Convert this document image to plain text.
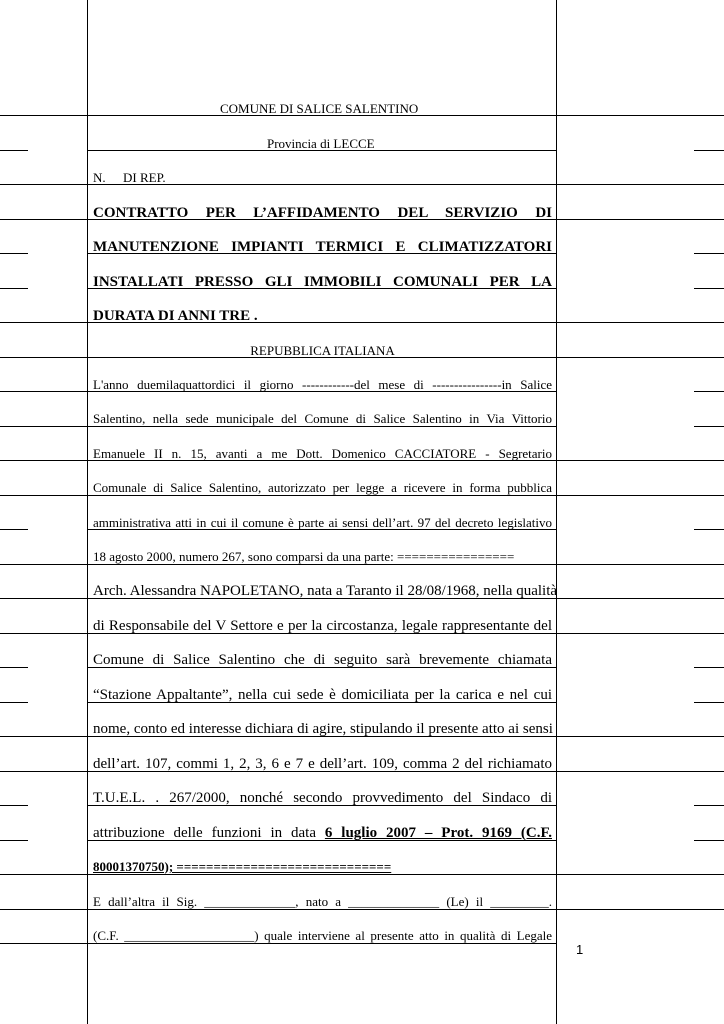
COMUNE DI SALICE SALENTINO
Provincia di LECCE
N. DI REP.
CONTRATTO PER L’AFFIDAMENTO DEL SERVIZIO DI
MANUTENZIONE IMPIANTI TERMICI E CLIMATIZZATORI
INSTALLATI PRESSO GLI IMMOBILI COMUNALI PER LA
DURATA DI ANNI TRE .
REPUBBLICA ITALIANA
L'anno duemilaquattordici il giorno ------------del mese di ----------------in Salice
Salentino, nella sede municipale del Comune di Salice Salentino in Via Vittorio
Emanuele II n. 15, avanti a me Dott. Domenico CACCIATORE - Segretario
Comunale di Salice Salentino, autorizzato per legge a ricevere in forma pubblica
amministrativa atti in cui il comune è parte ai sensi dell’art. 97 del decreto legislativo
18 agosto 2000, numero 267, sono comparsi da una parte: ================
Arch. Alessandra NAPOLETANO, nata a Taranto il 28/08/1968, nella qualità
di Responsabile del V Settore e per la circostanza, legale rappresentante del
Comune di Salice Salentino che di seguito sarà brevemente chiamata
“Stazione Appaltante”, nella cui sede è domiciliata per la carica e nel cui
nome, conto ed interesse dichiara di agire, stipulando il presente atto ai sensi
dell’art. 107, commi 1, 2, 3, 6 e 7 e dell’art. 109, comma 2 del richiamato
T.U.E.L. . 267/2000, nonché secondo provvedimento del Sindaco di
attribuzione delle funzioni in data 6 luglio 2007 – Prot. 9169 (C.F.
80001370750); =============================
E dall’altra il Sig. ______________, nato a ______________ (Le) il _________.
(C.F. ____________________) quale interviene al presente atto in qualità di Legale
1
